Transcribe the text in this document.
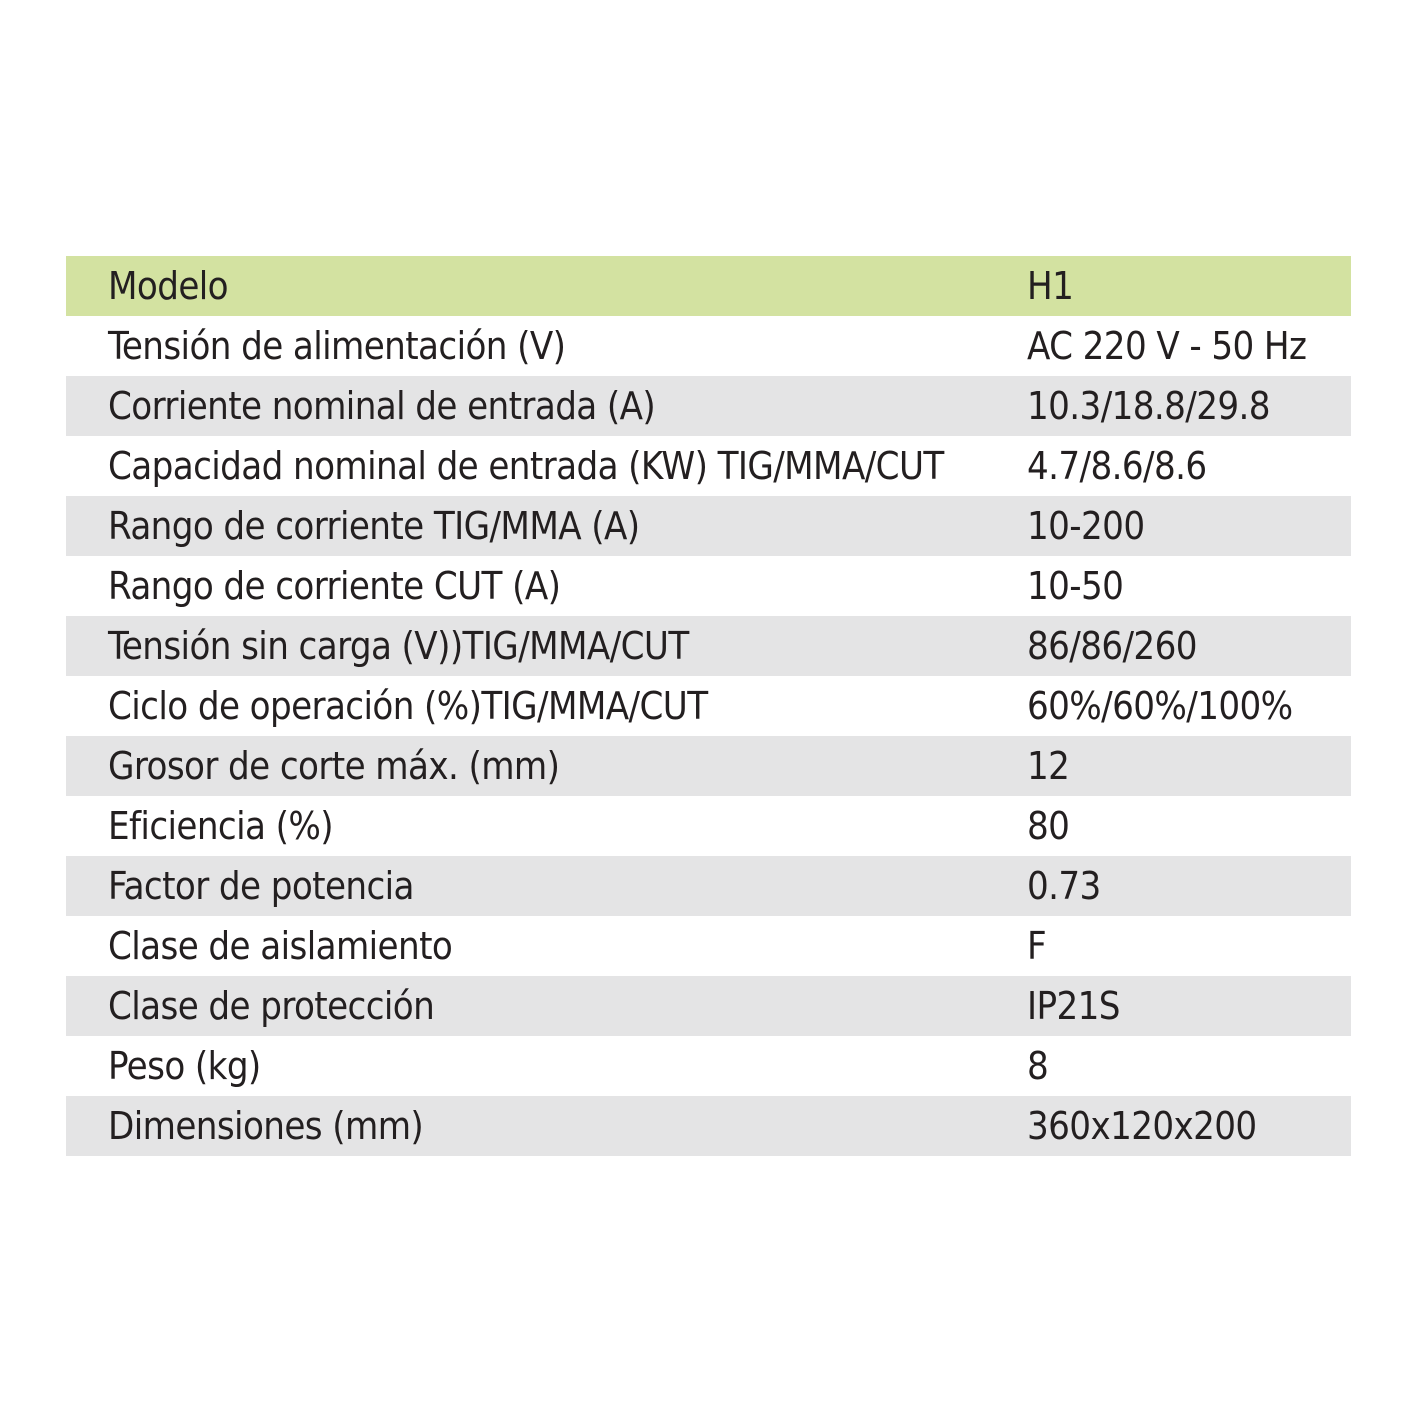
Modelo	H1
Tensión de alimentación (V)	AC 220 V - 50 Hz
Corriente nominal de entrada (A)	10.3/18.8/29.8
Capacidad nominal de entrada (KW) TIG/MMA/CUT	4.7/8.6/8.6
Rango de corriente TIG/MMA (A)	10-200
Rango de corriente CUT (A)	10-50
Tensión sin carga (V))TIG/MMA/CUT	86/86/260
Ciclo de operación (%)TIG/MMA/CUT	60%/60%/100%
Grosor de corte máx. (mm)	12
Eficiencia (%)	80
Factor de potencia	0.73
Clase de aislamiento	F
Clase de protección	IP21S
Peso (kg)	8
Dimensiones (mm)	360x120x200
